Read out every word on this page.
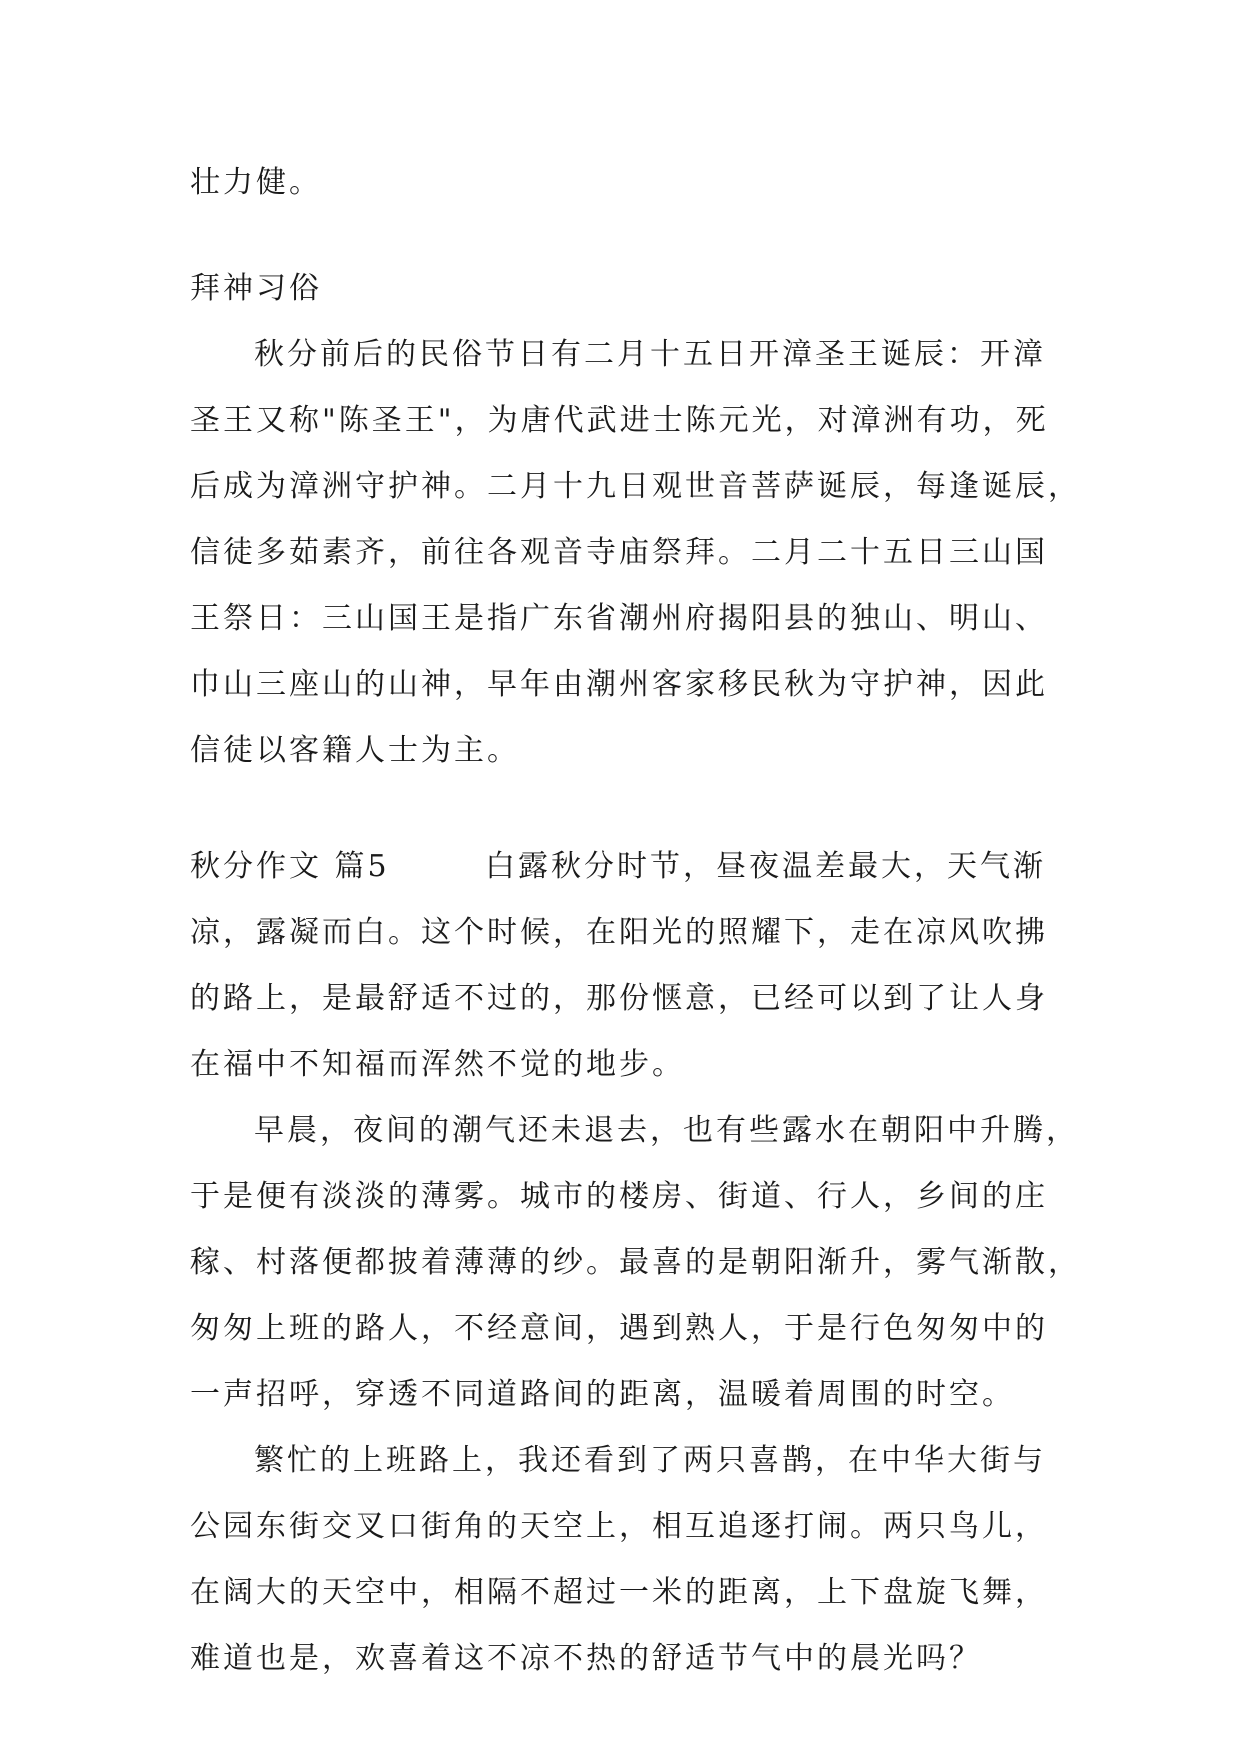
壮力健。
拜神习俗
秋分前后的民俗节日有二月十五日开漳圣王诞辰：开漳
圣王又称"陈圣王"，为唐代武进士陈元光，对漳洲有功，死
后成为漳洲守护神。二月十九日观世音菩萨诞辰，每逢诞辰，
信徒多茹素齐，前往各观音寺庙祭拜。二月二十五日三山国
王祭日：三山国王是指广东省潮州府揭阳县的独山、明山、
巾山三座山的山神，早年由潮州客家移民秋为守护神，因此
信徒以客籍人士为主。
秋分作文 篇5	白露秋分时节，昼夜温差最大，天气渐
凉，露凝而白。这个时候，在阳光的照耀下，走在凉风吹拂
的路上，是最舒适不过的，那份惬意，已经可以到了让人身
在福中不知福而浑然不觉的地步。
早晨，夜间的潮气还未退去，也有些露水在朝阳中升腾，
于是便有淡淡的薄雾。城市的楼房、街道、行人，乡间的庄
稼、村落便都披着薄薄的纱。最喜的是朝阳渐升，雾气渐散，
匆匆上班的路人，不经意间，遇到熟人，于是行色匆匆中的
一声招呼，穿透不同道路间的距离，温暖着周围的时空。
繁忙的上班路上，我还看到了两只喜鹊，在中华大街与
公园东街交叉口街角的天空上，相互追逐打闹。两只鸟儿，
在阔大的天空中，相隔不超过一米的距离，上下盘旋飞舞，
难道也是，欢喜着这不凉不热的舒适节气中的晨光吗？
